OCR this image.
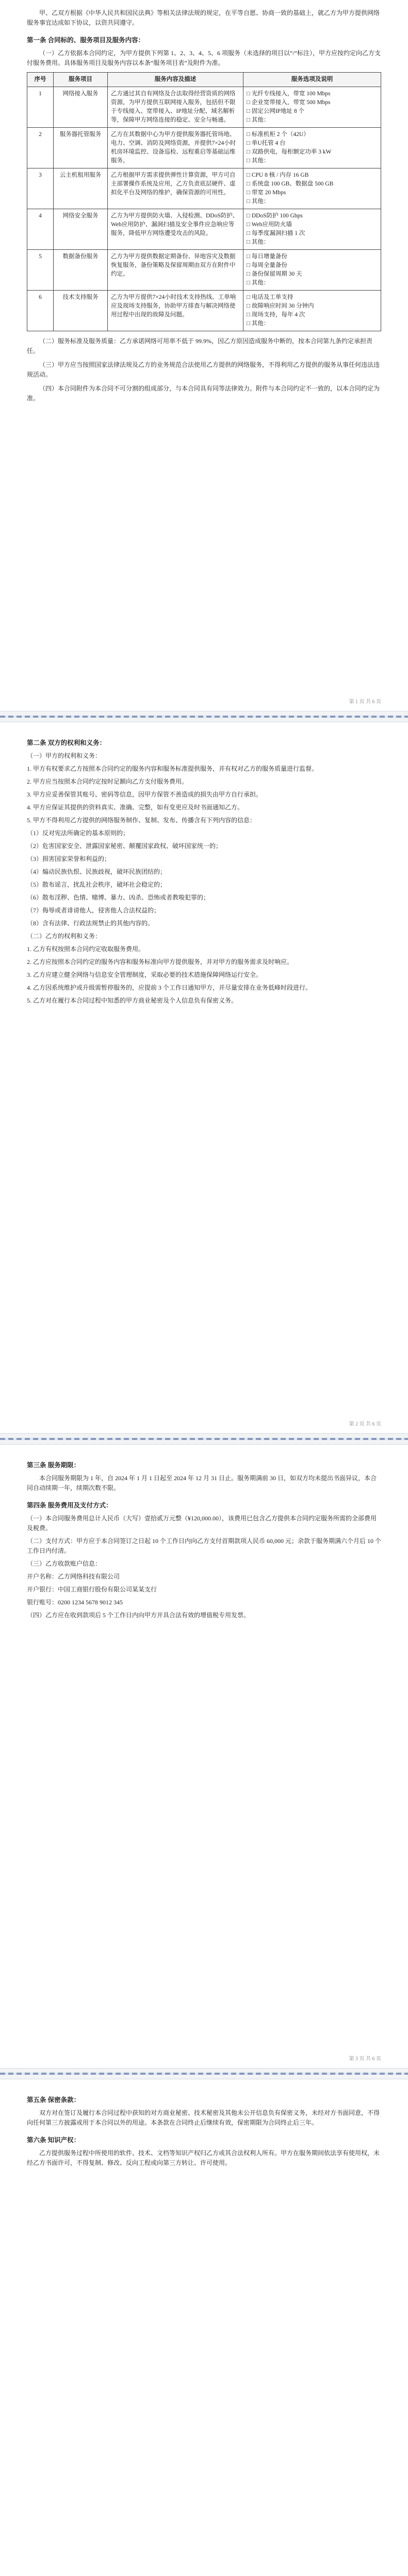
甲、乙双方根据《中华人民共和国民法典》等相关法律法规的规定，在平等自愿、协商一致的基础上，就乙方为甲方提供网络服务事宜达成如下协议，以资共同遵守。

第一条 合同标的、服务项目及服务内容：

（一）乙方依据本合同约定，为甲方提供下列第 1、2、3、4、5、6 项服务（未选择的项目以“/”标注），甲方应按约定向乙方支付服务费用。具体服务项目及服务内容以本条“服务项目表”及附件为准。

序号	服务项目	服务内容及描述	服务选项及说明
1	网络接入服务	乙方通过其自有网络及合法取得经营资质的网络资源，为甲方提供互联网接入服务，包括但不限于专线接入、宽带接入、IP地址分配、域名解析等，保障甲方网络连接的稳定、安全与畅通。	□ 光纤专线接入，带宽 100 Mbps
□ 企业宽带接入，带宽 500 Mbps
□ 固定公网IP地址 8 个
□ 其他：　　　　　　　

2	服务器托管服务	乙方在其数据中心为甲方提供服务器托管场地、电力、空调、消防及网络资源，并提供7×24小时机房环境监控、设备巡检、远程重启等基础运维服务。	□ 标准机柜 2 个（42U）
□ 单U托管 4 台
□ 双路供电，每柜额定功率 3 kW
□ 其他：　　　　　　　

3	云主机租用服务	乙方根据甲方需求提供弹性计算资源，甲方可自主部署操作系统及应用，乙方负责底层硬件、虚拟化平台及网络的维护，确保资源的可用性。	□ CPU 8 核 / 内存 16 GB
□ 系统盘 100 GB、数据盘 500 GB
□ 带宽 20 Mbps
□ 其他：　　　　　　　

4	网络安全服务	乙方为甲方提供防火墙、入侵检测、DDoS防护、Web应用防护、漏洞扫描及安全事件应急响应等服务，降低甲方网络遭受攻击的风险。	□ DDoS防护 100 Gbps
□ Web应用防火墙
□ 每季度漏洞扫描 1 次
□ 其他：　　　　　　　

5	数据备份服务	乙方为甲方提供数据定期备份、异地容灾及数据恢复服务，备份策略及保留周期由双方在附件中约定。	□ 每日增量备份
□ 每周全量备份
□ 备份保留周期 30 天
□ 其他：　　　　　　　

6	技术支持服务	乙方为甲方提供7×24小时技术支持热线、工单响应及现场支持服务，协助甲方排查与解决网络使用过程中出现的故障及问题。	□ 电话及工单支持
□ 故障响应时间 30 分钟内
□ 现场支持，每年 4 次
□ 其他：　　　　　　　

（二）服务标准及服务质量：乙方承诺网络可用率不低于 99.9%，因乙方原因造成服务中断的，按本合同第九条约定承担责任。

（三）甲方应当按照国家法律法规及乙方的业务规范合法使用乙方提供的网络服务，不得利用乙方提供的服务从事任何违法违规活动。

（四）本合同附件为本合同不可分割的组成部分，与本合同具有同等法律效力。附件与本合同约定不一致的，以本合同约定为准。

第 1 页 共 6 页
第二条 双方的权利和义务：

（一）甲方的权利和义务：

1. 甲方有权要求乙方按照本合同约定的服务内容和服务标准提供服务，并有权对乙方的服务质量进行监督。

2. 甲方应当按照本合同约定按时足额向乙方支付服务费用。

3. 甲方应妥善保管其账号、密码等信息，因甲方保管不善造成的损失由甲方自行承担。

4. 甲方应保证其提供的资料真实、准确、完整，如有变更应及时书面通知乙方。

5. 甲方不得利用乙方提供的网络服务制作、复制、发布、传播含有下列内容的信息：

（1）反对宪法所确定的基本原则的；

（2）危害国家安全、泄露国家秘密、颠覆国家政权、破坏国家统一的；

（3）损害国家荣誉和利益的；

（4）煽动民族仇恨、民族歧视，破坏民族团结的；

（5）散布谣言，扰乱社会秩序，破坏社会稳定的；

（6）散布淫秽、色情、赌博、暴力、凶杀、恐怖或者教唆犯罪的；

（7）侮辱或者诽谤他人，侵害他人合法权益的；

（8）含有法律、行政法规禁止的其他内容的。

（二）乙方的权利和义务：

1. 乙方有权按照本合同约定收取服务费用。

2. 乙方应按照本合同约定的服务内容和服务标准向甲方提供服务，并对甲方的服务需求及时响应。

3. 乙方应建立健全网络与信息安全管理制度，采取必要的技术措施保障网络运行安全。

4. 乙方因系统维护或升级需暂停服务的，应提前 3 个工作日通知甲方，并尽量安排在业务低峰时段进行。

5. 乙方对在履行本合同过程中知悉的甲方商业秘密及个人信息负有保密义务。

第 2 页 共 6 页
第三条 服务期限：

本合同服务期限为 1 年，自 2024 年 1 月 1 日起至 2024 年 12 月 31 日止。服务期满前 30 日，如双方均未提出书面异议，本合同自动续期一年，续期次数不限。

第四条 服务费用及支付方式：

（一）本合同服务费用总计人民币（大写）壹拾贰万元整（¥120,000.00），该费用已包含乙方提供本合同约定服务所需的全部费用及税费。

（二）支付方式：甲方应于本合同签订之日起 10 个工作日内向乙方支付首期款项人民币 60,000 元；余款于服务期满六个月后 10 个工作日内付清。

（三）乙方收款账户信息：

开户名称：乙方网络科技有限公司

开户银行：中国工商银行股份有限公司某某支行

银行账号：0200 1234 5678 9012 345

（四）乙方应在收到款项后 5 个工作日内向甲方开具合法有效的增值税专用发票。

第 3 页 共 6 页
第五条 保密条款：

双方对在签订及履行本合同过程中获知的对方商业秘密、技术秘密及其他未公开信息负有保密义务，未经对方书面同意，不得向任何第三方披露或用于本合同以外的用途。本条款在合同终止后继续有效，保密期限为合同终止后三年。

第六条 知识产权：

乙方提供服务过程中所使用的软件、技术、文档等知识产权归乙方或其合法权利人所有。甲方在服务期间依法享有使用权，未经乙方书面许可，不得复制、修改、反向工程或向第三方转让、许可使用。
